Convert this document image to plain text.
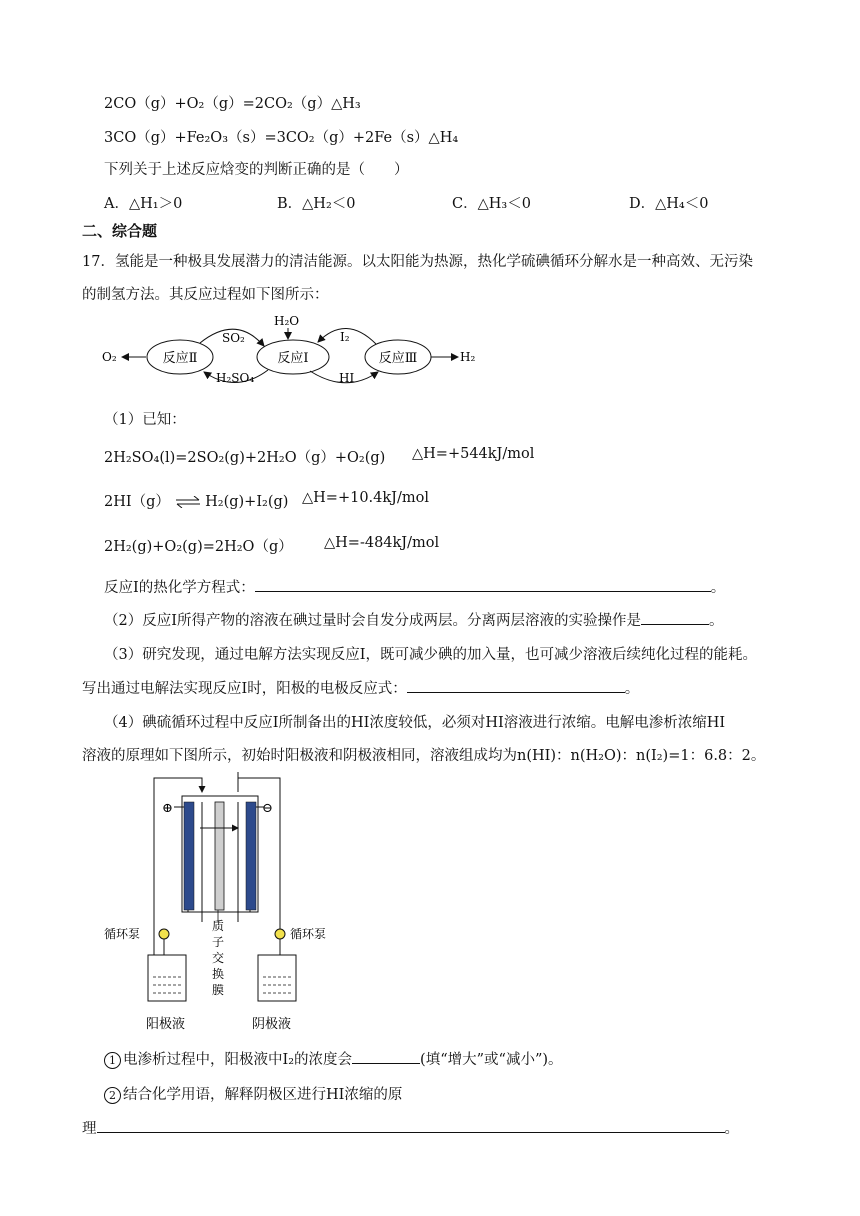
2CO（g）+O₂（g）=2CO₂（g）△H₃
3CO（g）+Fe₂O₃（s）=3CO₂（g）+2Fe（s）△H₄
下列关于上述反应焓变的判断正确的是（　　）
A．△H₁＞0	B．△H₂＜0	C．△H₃＜0	D．△H₄＜0
二、综合题
17．氢能是一种极具发展潜力的清洁能源。以太阳能为热源，热化学硫碘循环分解水是一种高效、无污染
的制氢方法。其反应过程如下图所示：
O₂	反应Ⅱ	反应Ⅰ	反应Ⅲ	H₂
SO₂
H₂SO₄
H₂O
I₂
HI
（1）已知：
2H₂SO₄(l)=2SO₂(g)+2H₂O（g）+O₂(g) △H=+544kJ/mol
2HI（g） ⇌ H₂(g)+I₂(g) △H=+10.4kJ/mol
2H₂(g)+O₂(g)=2H₂O（g） △H=-484kJ/mol
反应Ⅰ的热化学方程式：	。
（2）反应Ⅰ所得产物的溶液在碘过量时会自发分成两层。分离两层溶液的实验操作是	。
（3）研究发现，通过电解方法实现反应Ⅰ，既可减少碘的加入量，也可减少溶液后续纯化过程的能耗。
写出通过电解法实现反应Ⅰ时，阳极的电极反应式：	。
（4）碘硫循环过程中反应Ⅰ所制备出的HI浓度较低，必须对HI溶液进行浓缩。电解电渗析浓缩HI
溶液的原理如下图所示，初始时阳极液和阴极液相同，溶液组成均为n(HI)：n(H₂O)：n(I₂)=1：6.8：2。
⊕	⊖
循环泵	循环泵
质
子
交
换
膜
阳极液	阴极液
1 电渗析过程中，阳极液中I₂的浓度会	(填“增大”或“减小”)。
2 结合化学用语，解释阴极区进行HI浓缩的原
理	。
